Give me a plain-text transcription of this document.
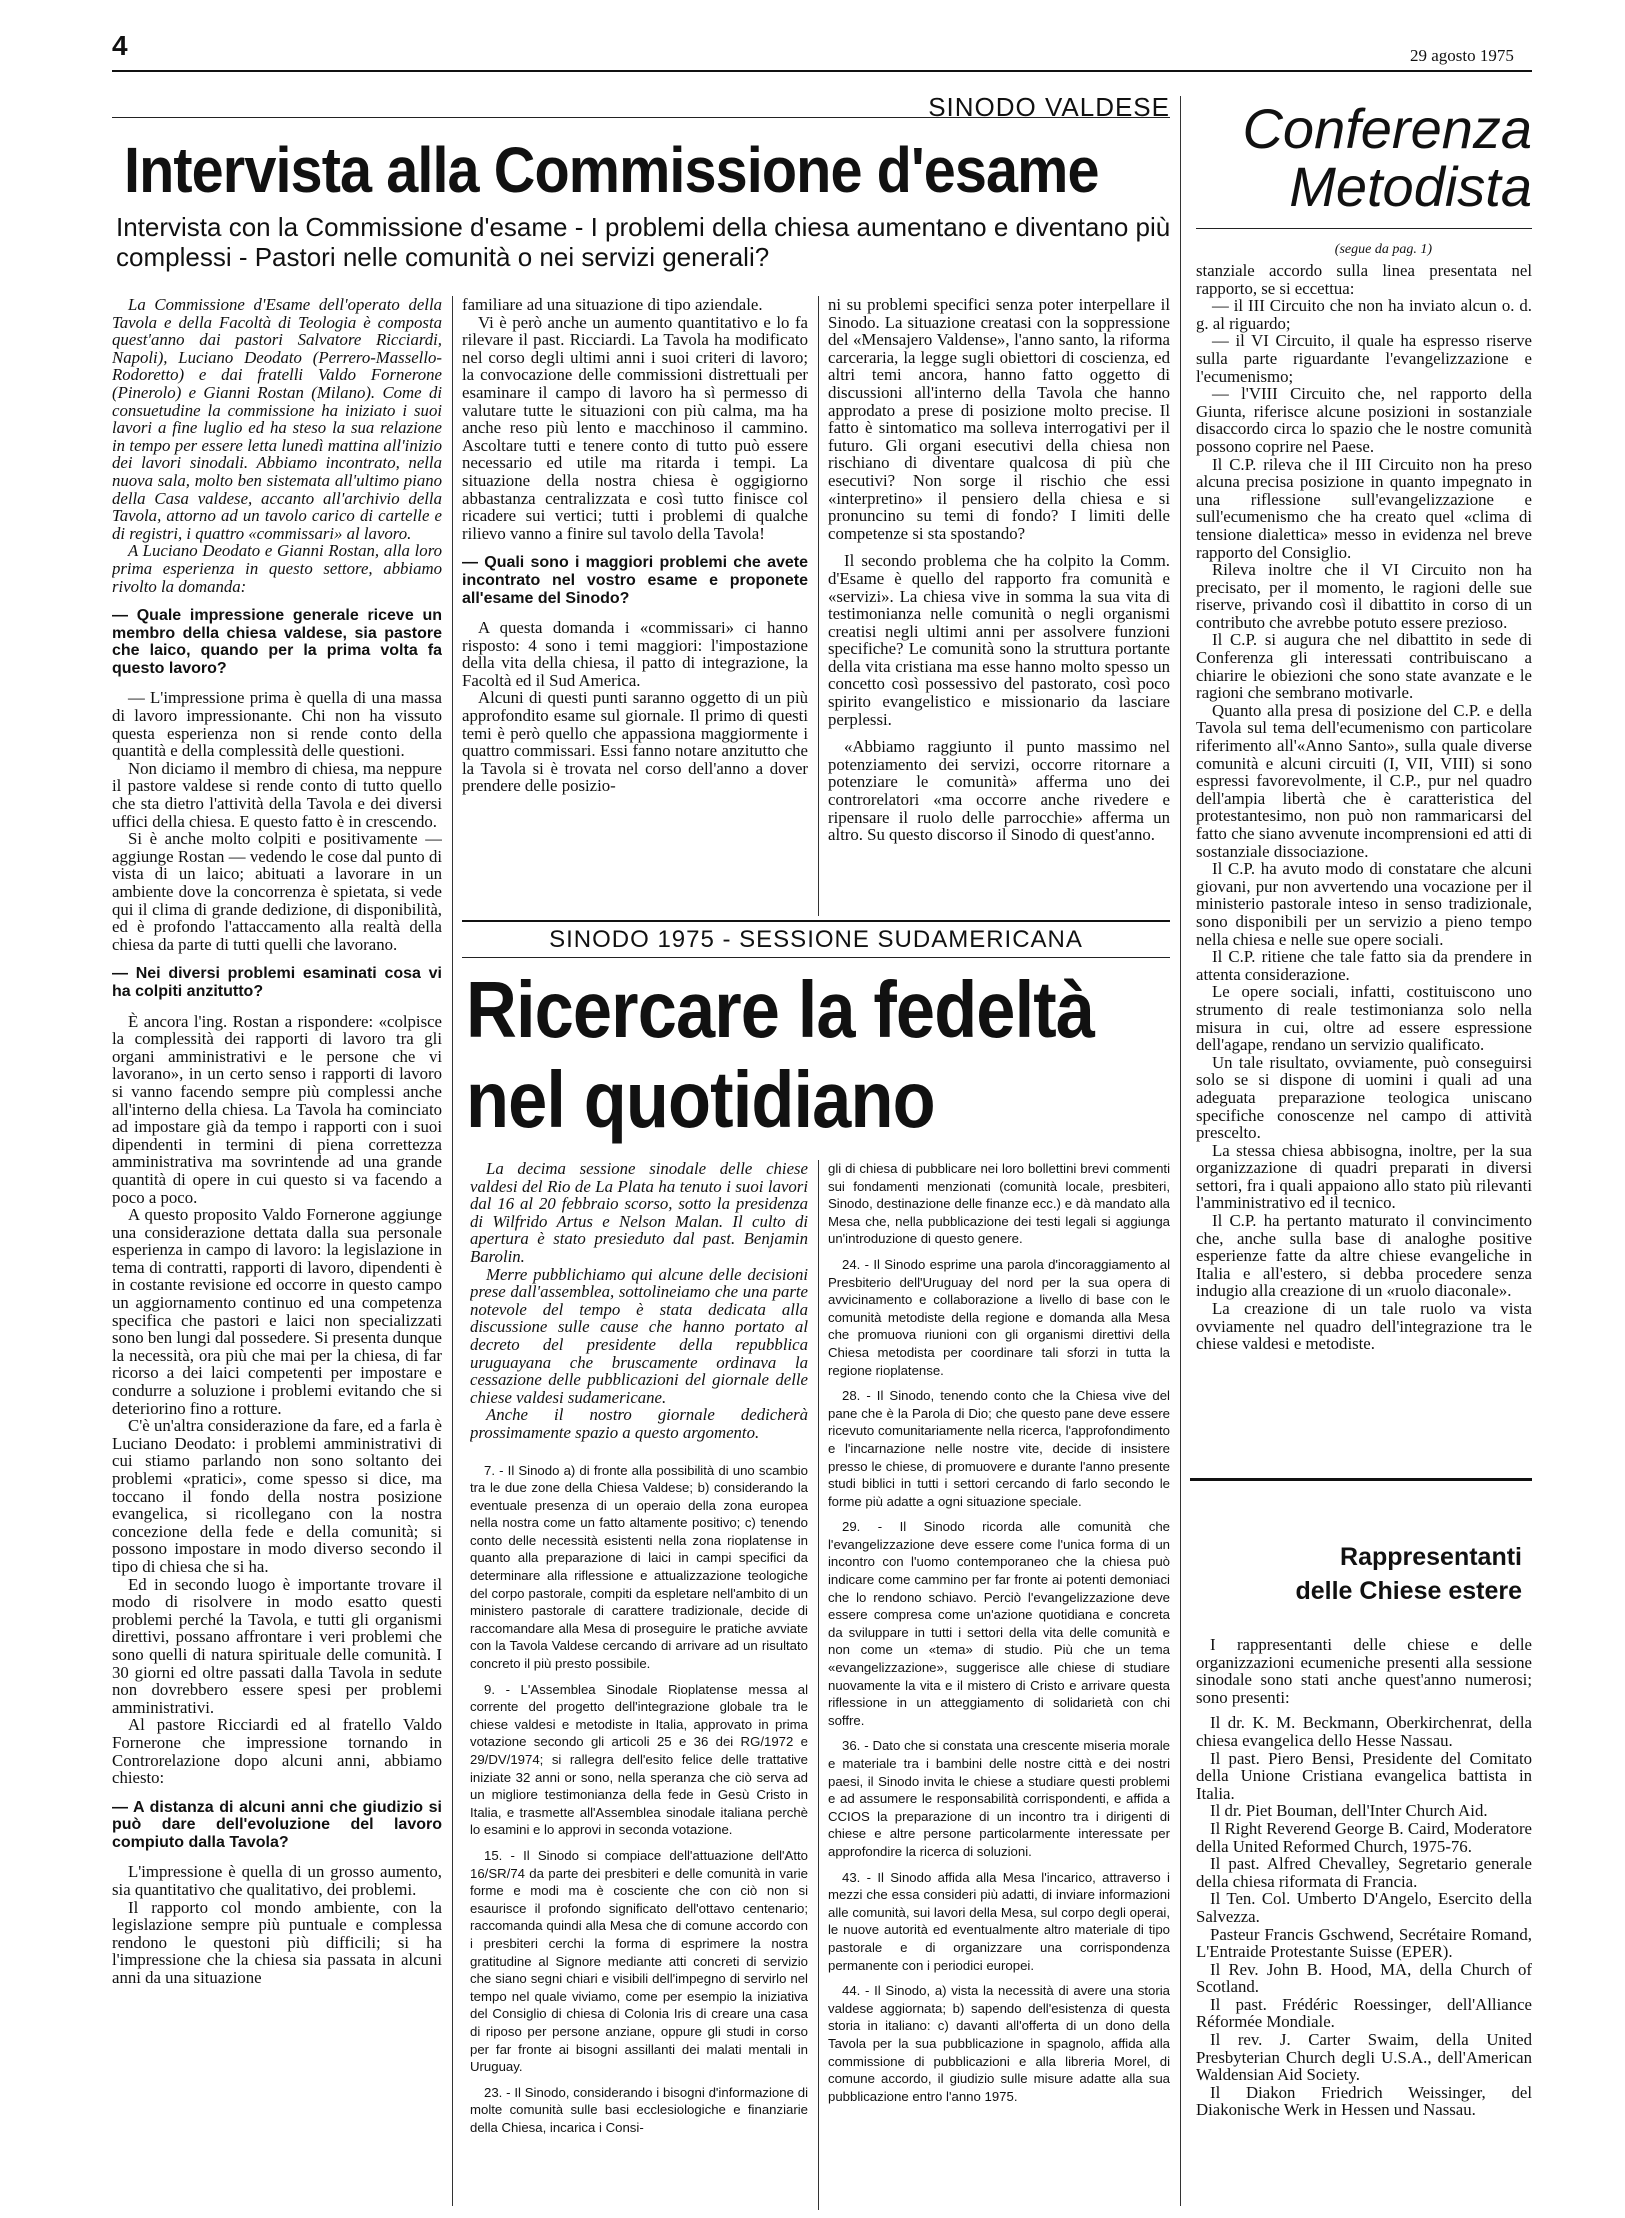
4	29 agosto 1975
SINODO VALDESE
Intervista alla Commissione d'esame
Intervista con la Commissione d'esame - I problemi della chiesa aumentano e diventano più complessi - Pastori nelle comunità o nei servizi generali?

La Commissione d'Esame dell'operato della Tavola e della Facoltà di Teologia è composta quest'anno dai pastori Salvatore Ricciardi, Napoli), Luciano Deodato (Perrero-Massello-Rodoretto) e dai fratelli Valdo Fornerone (Pinerolo) e Gianni Rostan (Milano). Come di consuetudine la commissione ha iniziato i suoi lavori a fine luglio ed ha steso la sua relazione in tempo per essere letta lunedì mattina all'inizio dei lavori sinodali. Abbiamo incontrato, nella nuova sala, molto ben sistemata all'ultimo piano della Casa valdese, accanto all'archivio della Tavola, attorno ad un tavolo carico di cartelle e di registri, i quattro «commissari» al lavoro.

A Luciano Deodato e Gianni Rostan, alla loro prima esperienza in questo settore, abbiamo rivolto la domanda:

— Quale impressione generale riceve un membro della chiesa valdese, sia pastore che laico, quando per la prima volta fa questo lavoro?

— L'impressione prima è quella di una massa di lavoro impressionante. Chi non ha vissuto questa esperienza non si rende conto della quantità e della complessità delle questioni.

Non diciamo il membro di chiesa, ma neppure il pastore valdese si rende conto di tutto quello che sta dietro l'attività della Tavola e dei diversi uffici della chiesa. E questo fatto è in crescendo.

Si è anche molto colpiti e positivamente — aggiunge Rostan — vedendo le cose dal punto di vista di un laico; abituati a lavorare in un ambiente dove la concorrenza è spietata, si vede qui il clima di grande dedizione, di disponibilità, ed è profondo l'attaccamento alla realtà della chiesa da parte di tutti quelli che lavorano.

— Nei diversi problemi esaminati cosa vi ha colpiti anzitutto?

È ancora l'ing. Rostan a rispondere: «colpisce la complessità dei rapporti di lavoro tra gli organi amministrativi e le persone che vi lavorano», in un certo senso i rapporti di lavoro si vanno facendo sempre più complessi anche all'interno della chiesa. La Tavola ha cominciato ad impostare già da tempo i rapporti con i suoi dipendenti in termini di piena correttezza amministrativa ma sovrintende ad una grande quantità di opere in cui questo si va facendo a poco a poco.

A questo proposito Valdo Fornerone aggiunge una considerazione dettata dalla sua personale esperienza in campo di lavoro: la legislazione in tema di contratti, rapporti di lavoro, dipendenti è in costante revisione ed occorre in questo campo un aggiornamento continuo ed una competenza specifica che pastori e laici non specializzati sono ben lungi dal possedere. Si presenta dunque la necessità, ora più che mai per la chiesa, di far ricorso a dei laici competenti per impostare e condurre a soluzione i problemi evitando che si deteriorino fino a rotture.

C'è un'altra considerazione da fare, ed a farla è Luciano Deodato: i problemi amministrativi di cui stiamo parlando non sono soltanto dei problemi «pratici», come spesso si dice, ma toccano il fondo della nostra posizione evangelica, si ricollegano con la nostra concezione della fede e della comunità; si possono impostare in modo diverso secondo il tipo di chiesa che si ha.

Ed in secondo luogo è importante trovare il modo di risolvere in modo esatto questi problemi perché la Tavola, e tutti gli organismi direttivi, possano affrontare i veri problemi che sono quelli di natura spirituale delle comunità. I 30 giorni ed oltre passati dalla Tavola in sedute non dovrebbero essere spesi per problemi amministrativi.

Al pastore Ricciardi ed al fratello Valdo Fornerone che impressione tornando in Controrelazione dopo alcuni anni, abbiamo chiesto:

— A distanza di alcuni anni che giudizio si può dare dell'evoluzione del lavoro compiuto dalla Tavola?

L'impressione è quella di un grosso aumento, sia quantitativo che qualitativo, dei problemi.

Il rapporto col mondo ambiente, con la legislazione sempre più puntuale e complessa rendono le questoni più difficili; si ha l'impressione che la chiesa sia passata in alcuni anni da una situazione

familiare ad una situazione di tipo aziendale.

Vi è però anche un aumento quantitativo e lo fa rilevare il past. Ricciardi. La Tavola ha modificato nel corso degli ultimi anni i suoi criteri di lavoro; la convocazione delle commissioni distrettuali per esaminare il campo di lavoro ha sì permesso di valutare tutte le situazioni con più calma, ma ha anche reso più lento e macchinoso il cammino. Ascoltare tutti e tenere conto di tutto può essere necessario ed utile ma ritarda i tempi. La situazione della nostra chiesa è oggigiorno abbastanza centralizzata e così tutto finisce col ricadere sui vertici; tutti i problemi di qualche rilievo vanno a finire sul tavolo della Tavola!

— Quali sono i maggiori problemi che avete incontrato nel vostro esame e proponete all'esame del Sinodo?

A questa domanda i «commissari» ci hanno risposto: 4 sono i temi maggiori: l'impostazione della vita della chiesa, il patto di integrazione, la Facoltà ed il Sud America.

Alcuni di questi punti saranno oggetto di un più approfondito esame sul giornale. Il primo di questi temi è però quello che appassiona maggiormente i quattro commissari. Essi fanno notare anzitutto che la Tavola si è trovata nel corso dell'anno a dover prendere delle posizio-

ni su problemi specifici senza poter interpellare il Sinodo. La situazione creatasi con la soppressione del «Mensajero Valdense», l'anno santo, la riforma carceraria, la legge sugli obiettori di coscienza, ed altri temi ancora, hanno fatto oggetto di discussioni all'interno della Tavola che hanno approdato a prese di posizione molto precise. Il fatto è sintomatico ma solleva interrogativi per il futuro. Gli organi esecutivi della chiesa non rischiano di diventare qualcosa di più che esecutivi? Non sorge il rischio che essi «interpretino» il pensiero della chiesa e si pronuncino su temi di fondo? I limiti delle competenze si sta spostando?

Il secondo problema che ha colpito la Comm. d'Esame è quello del rapporto fra comunità e «servizi». La chiesa vive in somma la sua vita di testimonianza nelle comunità o negli organismi creatisi negli ultimi anni per assolvere funzioni specifiche? Le comunità sono la struttura portante della vita cristiana ma esse hanno molto spesso un concetto così possessivo del pastorato, così poco spirito evangelistico e missionario da lasciare perplessi.

«Abbiamo raggiunto il punto massimo nel potenziamento dei servizi, occorre ritornare a potenziare le comunità» afferma uno dei controrelatori «ma occorre anche rivedere e ripensare il ruolo delle parrocchie» afferma un altro. Su questo discorso il Sinodo di quest'anno.

SINODO 1975 - SESSIONE SUDAMERICANA
Ricercare la fedeltà
nel quotidiano

La decima sessione sinodale delle chiese valdesi del Rio de La Plata ha tenuto i suoi lavori dal 16 al 20 febbraio scorso, sotto la presidenza di Wilfrido Artus e Nelson Malan. Il culto di apertura è stato presieduto dal past. Benjamin Barolin.

Merre pubblichiamo qui alcune delle decisioni prese dall'assemblea, sottolineiamo che una parte notevole del tempo è stata dedicata alla discussione sulle cause che hanno portato al decreto del presidente della repubblica uruguayana che bruscamente ordinava la cessazione delle pubblicazioni del giornale delle chiese valdesi sudamericane.

Anche il nostro giornale dedicherà prossimamente spazio a questo argomento.

7. - Il Sinodo a) di fronte alla possibilità di uno scambio tra le due zone della Chiesa Valdese; b) considerando la eventuale presenza di un operaio della zona europea nella nostra come un fatto altamente positivo; c) tenendo conto delle necessità esistenti nella zona rioplatense in quanto alla preparazione di laici in campi specifici da determinare alla riflessione e attualizzazione teologiche del corpo pastorale, compiti da espletare nell'ambito di un ministero pastorale di carattere tradizionale, decide di raccomandare alla Mesa di proseguire le pratiche avviate con la Tavola Valdese cercando di arrivare ad un risultato concreto il più presto possibile.

9. - L'Assemblea Sinodale Rioplatense messa al corrente del progetto dell'integrazione globale tra le chiese valdesi e metodiste in Italia, approvato in prima votazione secondo gli articoli 25 e 36 dei RG/1972 e 29/DV/1974; si rallegra dell'esito felice delle trattative iniziate 32 anni or sono, nella speranza che ciò serva ad un migliore testimonianza della fede in Gesù Cristo in Italia, e trasmette all'Assemblea sinodale italiana perchè lo esamini e lo approvi in seconda votazione.

15. - Il Sinodo si compiace dell'attuazione dell'Atto 16/SR/74 da parte dei presbiteri e delle comunità in varie forme e modi ma è cosciente che con ciò non si esaurisce il profondo significato dell'ottavo centenario; raccomanda quindi alla Mesa che di comune accordo con i presbiteri cerchi la forma di esprimere la nostra gratitudine al Signore mediante atti concreti di servizio che siano segni chiari e visibili dell'impegno di servirlo nel tempo nel quale viviamo, come per esempio la iniziativa del Consiglio di chiesa di Colonia Iris di creare una casa di riposo per persone anziane, oppure gli studi in corso per far fronte ai bisogni assillanti dei malati mentali in Uruguay.

23. - Il Sinodo, considerando i bisogni d'informazione di molte comunità sulle basi ecclesiologiche e finanziarie della Chiesa, incarica i Consi-

gli di chiesa di pubblicare nei loro bollettini brevi commenti sui fondamenti menzionati (comunità locale, presbiteri, Sinodo, destinazione delle finanze ecc.) e dà mandato alla Mesa che, nella pubblicazione dei testi legali si aggiunga un'introduzione di questo genere.

24. - Il Sinodo esprime una parola d'incoraggiamento al Presbiterio dell'Uruguay del nord per la sua opera di avvicinamento e collaborazione a livello di base con le comunità metodiste della regione e domanda alla Mesa che promuova riunioni con gli organismi direttivi della Chiesa metodista per coordinare tali sforzi in tutta la regione rioplatense.

28. - Il Sinodo, tenendo conto che la Chiesa vive del pane che è la Parola di Dio; che questo pane deve essere ricevuto comunitariamente nella ricerca, l'approfondimento e l'incarnazione nelle nostre vite, decide di insistere presso le chiese, di promuovere e durante l'anno presente studi biblici in tutti i settori cercando di farlo secondo le forme più adatte a ogni situazione speciale.

29. - Il Sinodo ricorda alle comunità che l'evangelizzazione deve essere come l'unica forma di un incontro con l'uomo contemporaneo che la chiesa può indicare come cammino per far fronte ai potenti demoniaci che lo rendono schiavo. Perciò l'evangelizzazione deve essere compresa come un'azione quotidiana e concreta da sviluppare in tutti i settori della vita delle comunità e non come un «tema» di studio. Più che un tema «evangelizzazione», suggerisce alle chiese di studiare nuovamente la vita e il mistero di Cristo e arrivare questa riflessione in un atteggiamento di solidarietà con chi soffre.

36. - Dato che si constata una crescente miseria morale e materiale tra i bambini delle nostre città e dei nostri paesi, il Sinodo invita le chiese a studiare questi problemi e ad assumere le responsabilità corrispondenti, e affida a CCIOS la preparazione di un incontro tra i dirigenti di chiese e altre persone particolarmente interessate per approfondire la ricerca di soluzioni.

43. - Il Sinodo affida alla Mesa l'incarico, attraverso i mezzi che essa consideri più adatti, di inviare informazioni alle comunità, sui lavori della Mesa, sul corpo degli operai, le nuove autorità ed eventualmente altro materiale di tipo pastorale e di organizzare una corrispondenza permanente con i periodici europei.

44. - Il Sinodo, a) vista la necessità di avere una storia valdese aggiornata; b) sapendo dell'esistenza di questa storia in italiano: c) davanti all'offerta di un dono della Tavola per la sua pubblicazione in spagnolo, affida alla commissione di pubblicazioni e alla libreria Morel, di comune accordo, il giudizio sulle misure adatte alla sua pubblicazione entro l'anno 1975.

Conferenza
Metodista
(segue da pag. 1)

stanziale accordo sulla linea presentata nel rapporto, se si eccettua:

— il III Circuito che non ha inviato alcun o. d. g. al riguardo;

— il VI Circuito, il quale ha espresso riserve sulla parte riguardante l'evangelizzazione e l'ecumenismo;

— l'VIII Circuito che, nel rapporto della Giunta, riferisce alcune posizioni in sostanziale disaccordo circa lo spazio che le nostre comunità possono coprire nel Paese.

Il C.P. rileva che il III Circuito non ha preso alcuna precisa posizione in quanto impegnato in una riflessione sull'evangelizzazione e sull'ecumenismo che ha creato quel «clima di tensione dialettica» messo in evidenza nel breve rapporto del Consiglio.

Rileva inoltre che il VI Circuito non ha precisato, per il momento, le ragioni delle sue riserve, privando così il dibattito in corso di un contributo che avrebbe potuto essere prezioso.

Il C.P. si augura che nel dibattito in sede di Conferenza gli interessati contribuiscano a chiarire le obiezioni che sono state avanzate e le ragioni che sembrano motivarle.

Quanto alla presa di posizione del C.P. e della Tavola sul tema dell'ecumenismo con particolare riferimento all'«Anno Santo», sulla quale diverse comunità e alcuni circuiti (I, VII, VIII) si sono espressi favorevolmente, il C.P., pur nel quadro dell'ampia libertà che è caratteristica del protestantesimo, non può non rammaricarsi del fatto che siano avvenute incomprensioni ed atti di sostanziale dissociazione.

Il C.P. ha avuto modo di constatare che alcuni giovani, pur non avvertendo una vocazione per il ministerio pastorale inteso in senso tradizionale, sono disponibili per un servizio a pieno tempo nella chiesa e nelle sue opere sociali.

Il C.P. ritiene che tale fatto sia da prendere in attenta considerazione.

Le opere sociali, infatti, costituiscono uno strumento di reale testimonianza solo nella misura in cui, oltre ad essere espressione dell'agape, rendano un servizio qualificato.

Un tale risultato, ovviamente, può conseguirsi solo se si dispone di uomini i quali ad una adeguata preparazione teologica uniscano specifiche conoscenze nel campo di attività prescelto.

La stessa chiesa abbisogna, inoltre, per la sua organizzazione di quadri preparati in diversi settori, fra i quali appaiono allo stato più rilevanti l'amministrativo ed il tecnico.

Il C.P. ha pertanto maturato il convincimento che, anche sulla base di analoghe positive esperienze fatte da altre chiese evangeliche in Italia e all'estero, si debba procedere senza indugio alla creazione di un «ruolo diaconale».

La creazione di un tale ruolo va vista ovviamente nel quadro dell'integrazione tra le chiese valdesi e metodiste.

Rappresentanti
delle Chiese estere

I rappresentanti delle chiese e delle organizzazioni ecumeniche presenti alla sessione sinodale sono stati anche quest'anno numerosi; sono presenti:

Il dr. K. M. Beckmann, Oberkirchenrat, della chiesa evangelica dello Hesse Nassau.

Il past. Piero Bensi, Presidente del Comitato della Unione Cristiana evangelica battista in Italia.

Il dr. Piet Bouman, dell'Inter Church Aid.

Il Right Reverend George B. Caird, Moderatore della United Reformed Church, 1975-76.

Il past. Alfred Chevalley, Segretario generale della chiesa riformata di Francia.

Il Ten. Col. Umberto D'Angelo, Esercito della Salvezza.

Pasteur Francis Gschwend, Secrétaire Romand, L'Entraide Protestante Suisse (EPER).

Il Rev. John B. Hood, MA, della Church of Scotland.

Il past. Frédéric Roessinger, dell'Alliance Réformée Mondiale.

Il rev. J. Carter Swaim, della United Presbyterian Church degli U.S.A., dell'American Waldensian Aid Society.

Il Diakon Friedrich Weissinger, del Diakonische Werk in Hessen und Nassau.
